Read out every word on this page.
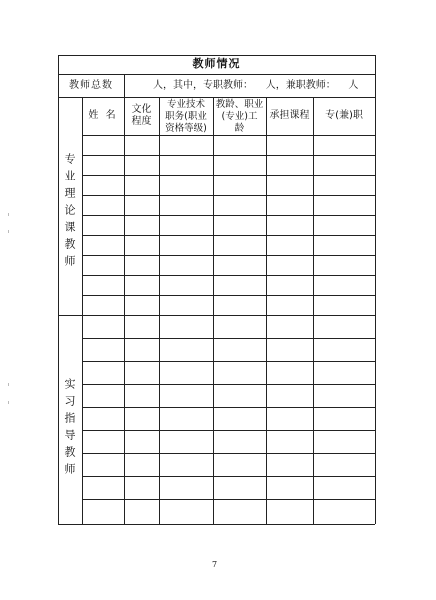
教师情况
教师总数	人，其中，专职教师：    人，兼职教师：    人
姓 名
文化
程度
专业技术
职务(职业
资格等级)
教龄、职业
(专业)工
龄
承担课程	专(兼)职
专业理论课教师
实习指导教师
7
